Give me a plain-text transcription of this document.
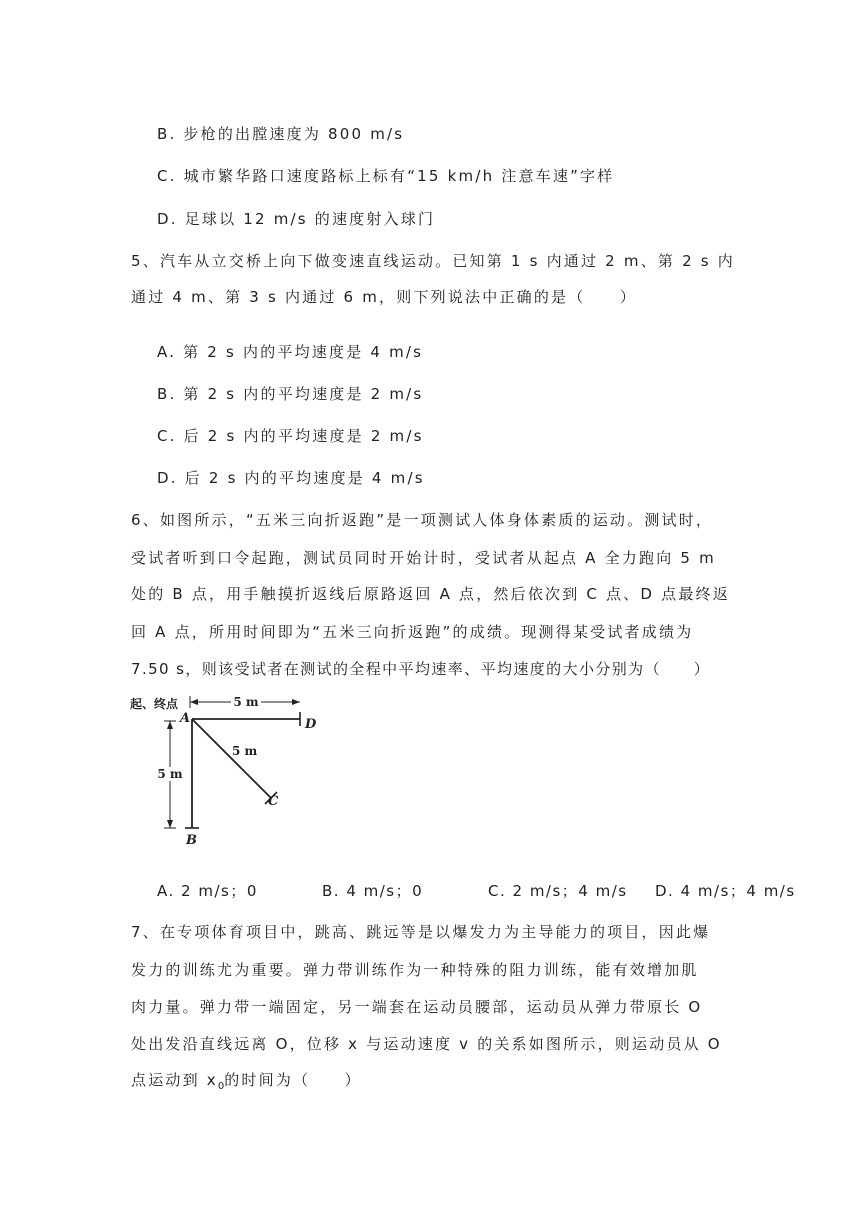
B. 步枪的出膛速度为 800 m/s
C. 城市繁华路口速度路标上标有“15 km/h 注意车速”字样
D. 足球以 12 m/s 的速度射入球门
5、汽车从立交桥上向下做变速直线运动。已知第 1 s 内通过 2 m、第 2 s 内
通过 4 m、第 3 s 内通过 6 m，则下列说法中正确的是（　　）
A. 第 2 s 内的平均速度是 4 m/s
B. 第 2 s 内的平均速度是 2 m/s
C. 后 2 s 内的平均速度是 2 m/s
D. 后 2 s 内的平均速度是 4 m/s
6、如图所示，“五米三向折返跑”是一项测试人体身体素质的运动。测试时，
受试者听到口令起跑，测试员同时开始计时，受试者从起点 A 全力跑向 5 m
处的 B 点，用手触摸折返线后原路返回 A 点，然后依次到 C 点、D 点最终返
回 A 点，所用时间即为“五米三向折返跑”的成绩。现测得某受试者成绩为
7.50 s，则该受试者在测试的全程中平均速率、平均速度的大小分别为（　　）
起、终点	5 m
5 m
5 m
A	D
B
C
A. 2 m/s；0	B. 4 m/s；0	C. 2 m/s；4 m/s D. 4 m/s；4 m/s
7、在专项体育项目中，跳高、跳远等是以爆发力为主导能力的项目，因此爆
发力的训练尤为重要。弹力带训练作为一种特殊的阻力训练，能有效增加肌
肉力量。弹力带一端固定，另一端套在运动员腰部，运动员从弹力带原长 O
处出发沿直线远离 O，位移 x 与运动速度 v 的关系如图所示，则运动员从 O
点运动到 $x_0$的时间为（　　）
